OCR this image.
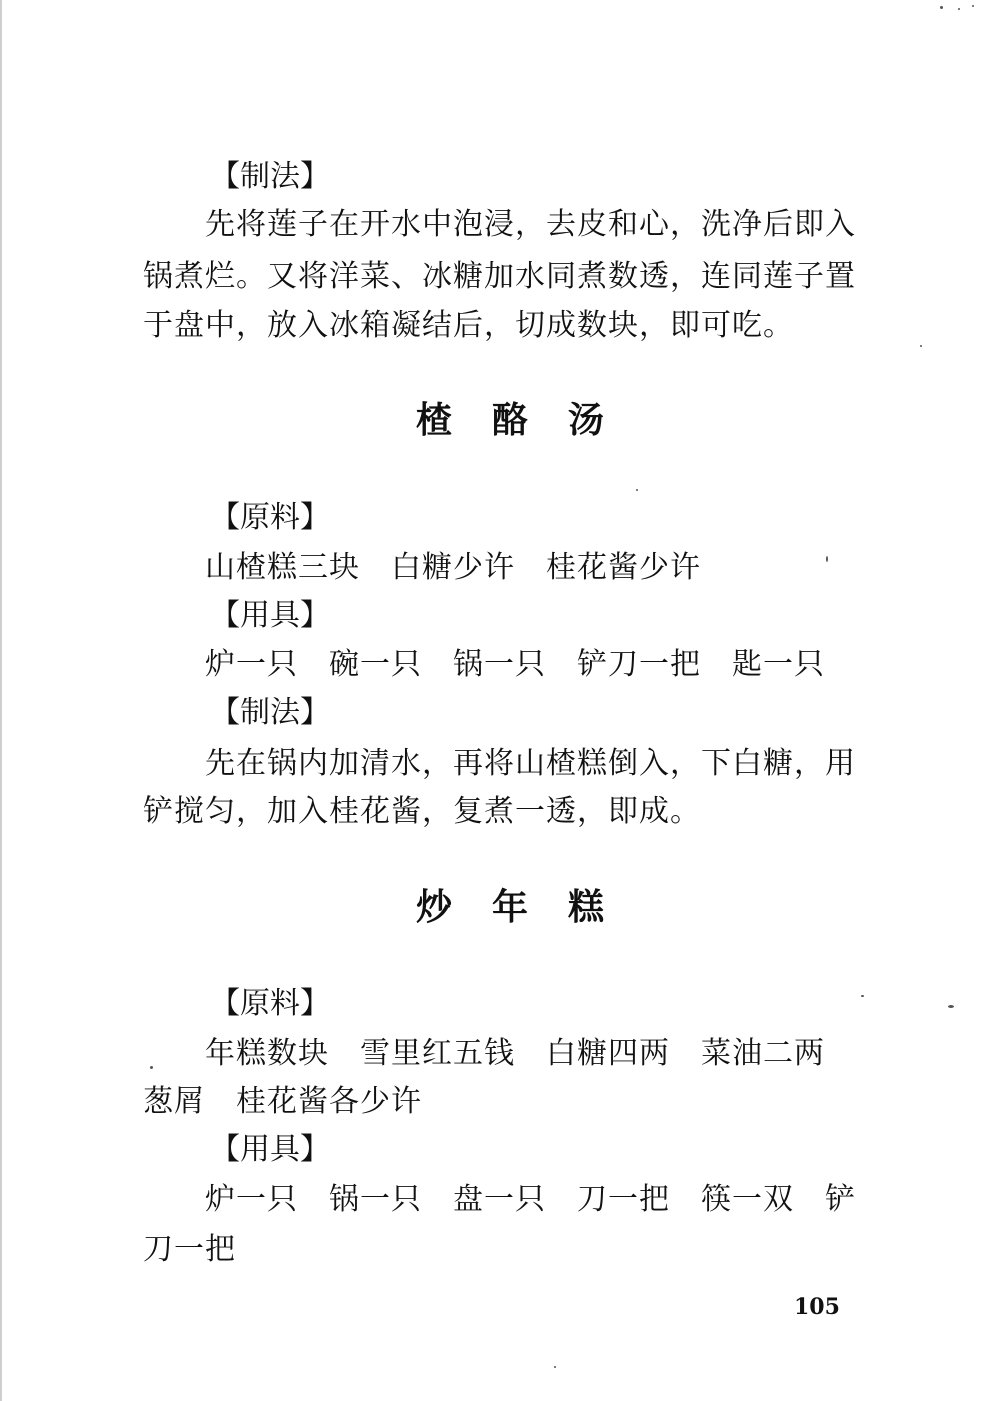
【制法】
先将莲子在开水中泡浸，去皮和心，洗净后即入
锅煮烂。又将洋菜、冰糖加水同煮数透，连同莲子置
于盘中，放入冰箱凝结后，切成数块，即可吃。
楂酪汤
【原料】
山楂糕三块　白糖少许　桂花酱少许
【用具】
炉一只　碗一只　锅一只　铲刀一把　匙一只
【制法】
先在锅内加清水，再将山楂糕倒入，下白糖，用
铲搅匀，加入桂花酱，复煮一透，即成。
炒年糕
【原料】
年糕数块　雪里红五钱　白糖四两　菜油二两
葱屑　桂花酱各少许
【用具】
炉一只　锅一只　盘一只　刀一把　筷一双　铲
刀一把
105
